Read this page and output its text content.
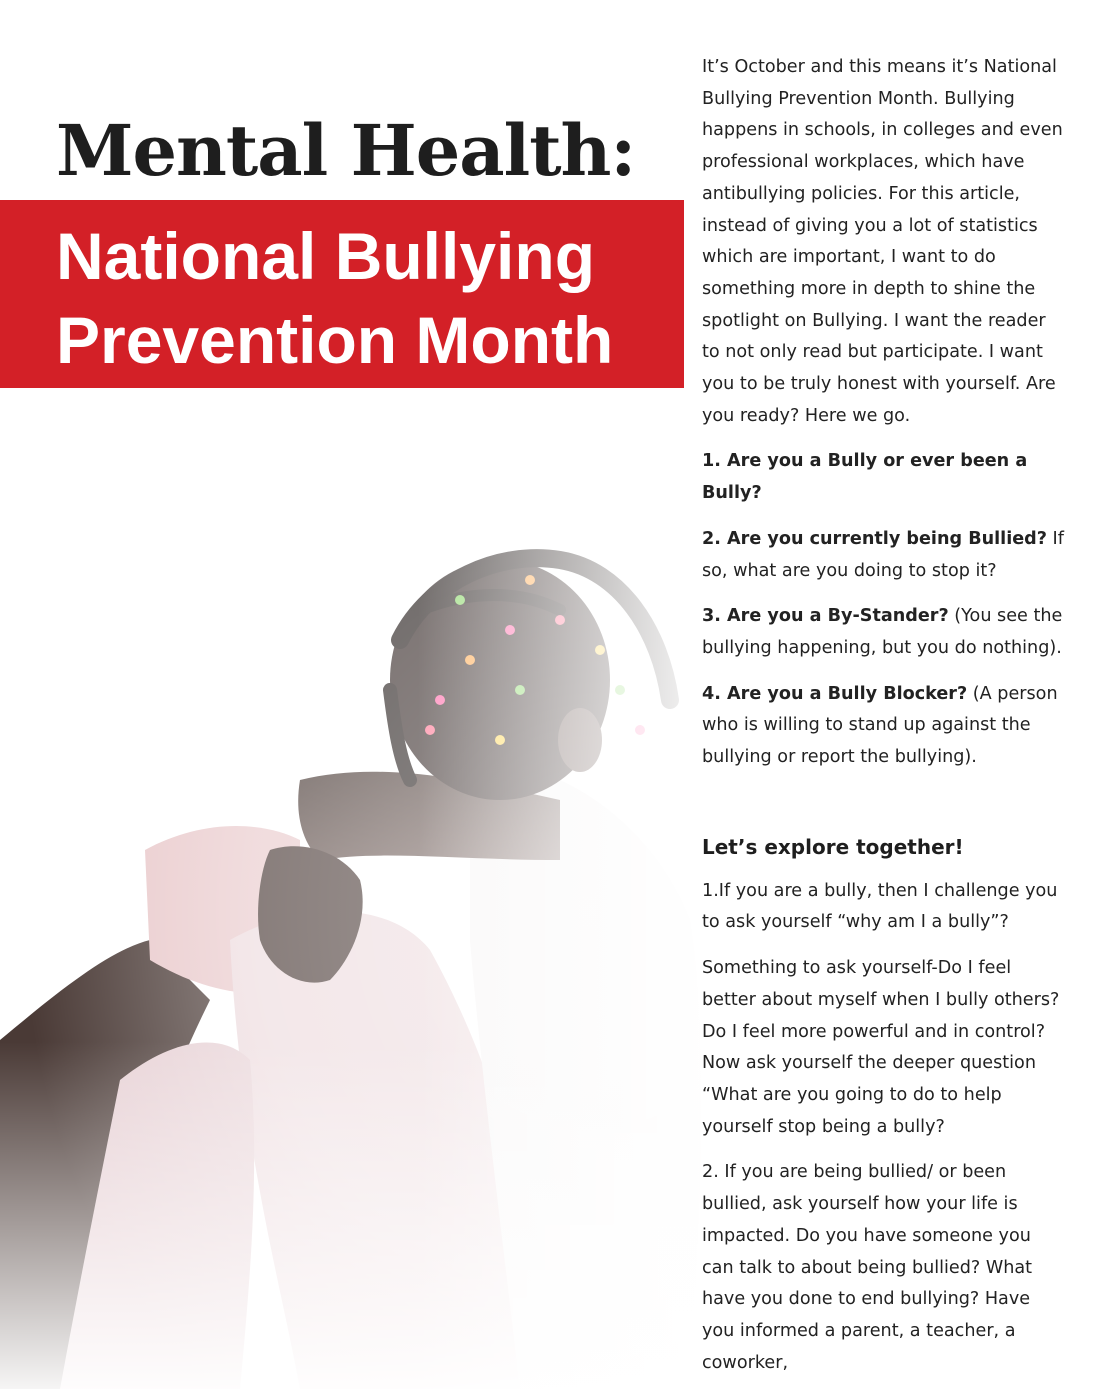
Mental Health:
National Bullying
Prevention Month

It’s October and this means it’s National Bullying Prevention Month. Bullying happens in schools, in colleges and even professional workplaces, which have antibullying policies. For this article, instead of giving you a lot of statistics which are important, I want to do something more in depth to shine the spotlight on Bullying. I want the reader to not only read but participate. I want you to be truly honest with yourself. Are you ready? Here we go.

1. Are you a Bully or ever been a Bully?

2. Are you currently being Bullied? If so, what are you doing to stop it?

3. Are you a By-Stander? (You see the bullying happening, but you do nothing).

4. Are you a Bully Blocker? (A person who is willing to stand up against the bullying or report the bullying).

Let’s explore together!

1.If you are a bully, then I challenge you to ask yourself “why am I a bully”?

Something to ask yourself-Do I feel better about myself when I bully others? Do I feel more powerful and in control? Now ask yourself the deeper question “What are you going to do to help yourself stop being a bully?

2. If you are being bullied/ or been bullied, ask yourself how your life is impacted. Do you have someone you can talk to about being bullied? What have you done to end bullying? Have you informed a parent, a teacher, a coworker,
